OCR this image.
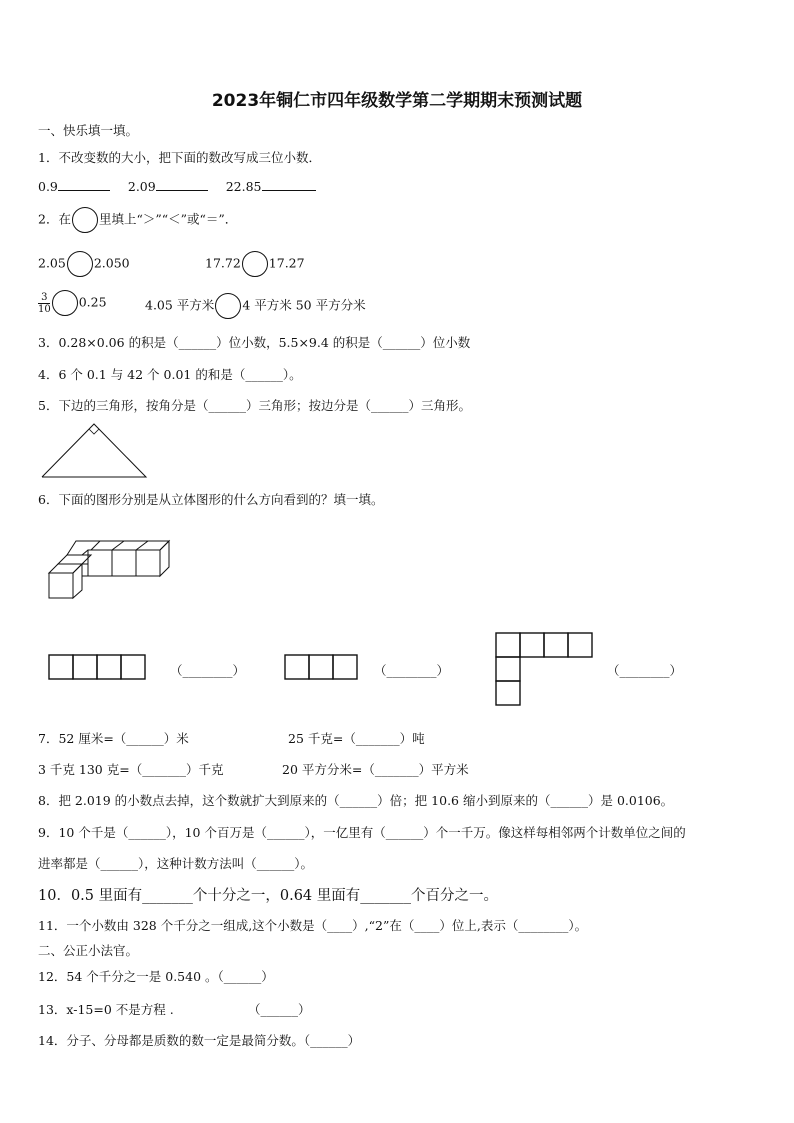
2023年铜仁市四年级数学第二学期期末预测试题
一、快乐填一填。
1．不改变数的大小，把下面的数改写成三位小数．
0.9	2.09	22.85
2．在 里填上“＞”“＜”或“＝”．
2.05 2.050	17.72 17.27
$\frac{3}{10} 0.25$	4.05 平方米 4 平方米 50 平方分米
3．0.28×0.06 的积是（______）位小数，5.5×9.4 的积是（______）位小数
4．6 个 0.1 与 42 个 0.01 的和是（______）。
5．下边的三角形，按角分是（______）三角形；按边分是（______）三角形。
6．下面的图形分别是从立体图形的什么方向看到的？填一填。
（________）	（________）	（________）
7．52 厘米=（______）米	25 千克=（_______）吨
3 千克 130 克=（_______）千克	20 平方分米=（_______）平方米
8．把 2.019 的小数点去掉，这个数就扩大到原来的（______）倍；把 10.6 缩小到原来的（______）是 0.0106。
9．10 个千是（______），10 个百万是（______），一亿里有（______）个一千万。像这样每相邻两个计数单位之间的
进率都是（______），这种计数方法叫（______）。
10．0.5 里面有_______个十分之一，0.64 里面有_______个百分之一。
11．一个小数由 328 个千分之一组成,这个小数是（____）,“2”在（____）位上,表示（________）。
二、公正小法官。
12．54 个千分之一是 0.540 。（______）
13．x-15=0 不是方程 .	（______）
14．分子、分母都是质数的数一定是最简分数。（______）
